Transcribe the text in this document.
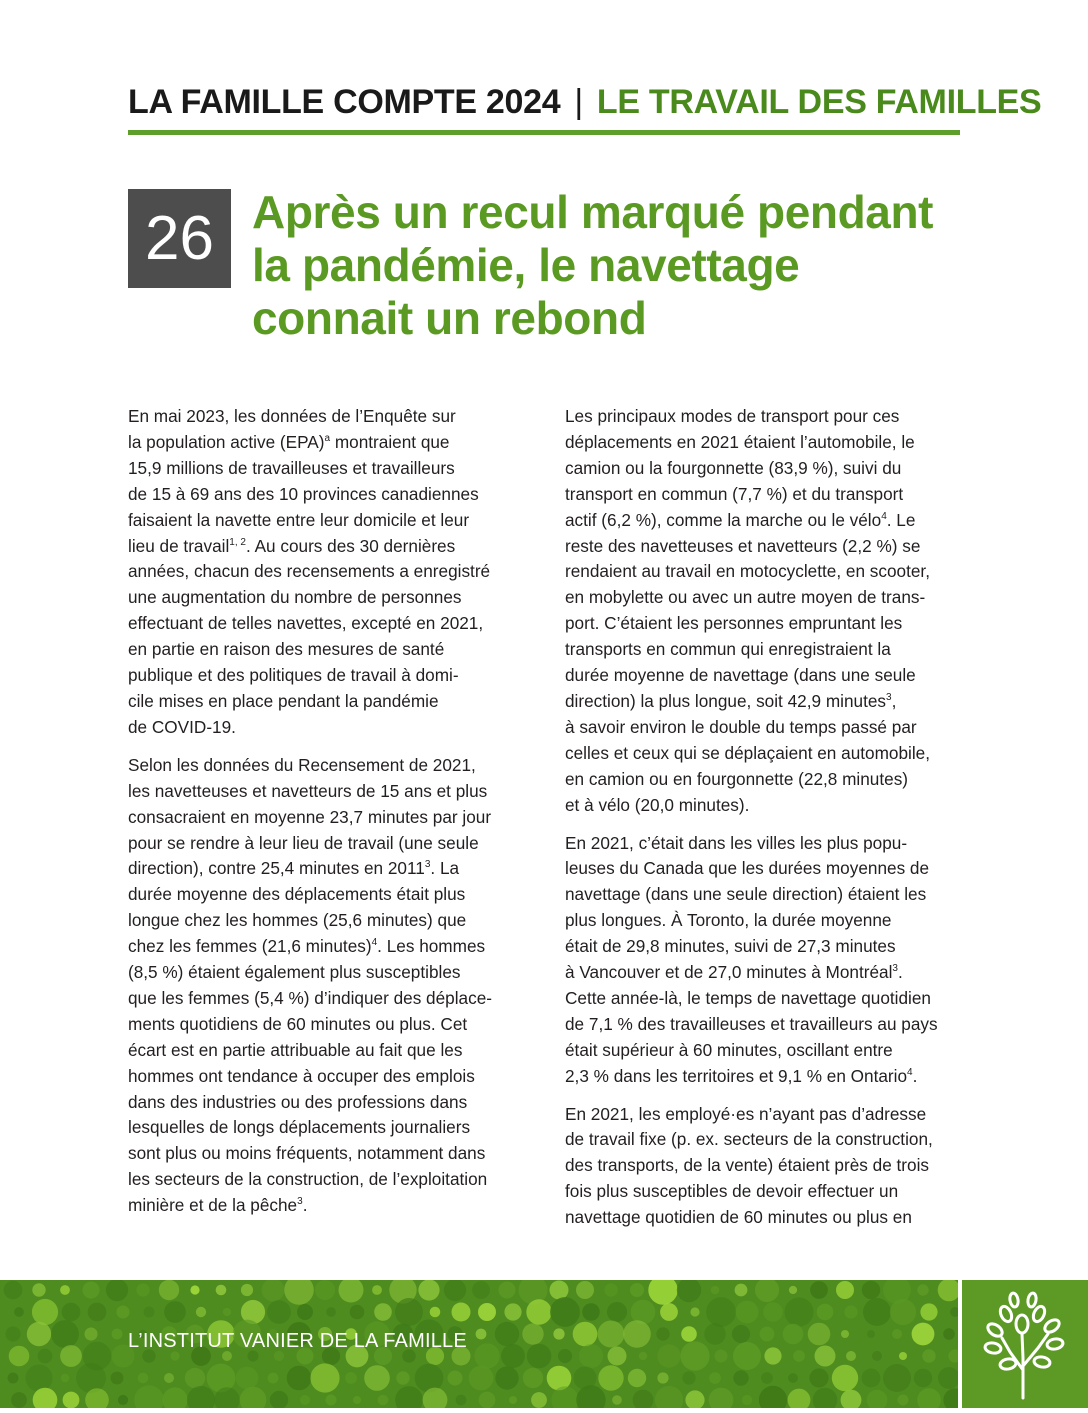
LA FAMILLE COMPTE 2024 | LE TRAVAIL DES FAMILLES
26 Après un recul marqué pendant la pandémie, le navettage connait un rebond

En mai 2023, les données de l’Enquête sur
la population active (EPA)$^a$ montraient que
15,9 millions de travailleuses et travailleurs
de 15 à 69 ans des 10 provinces canadiennes
faisaient la navette entre leur domicile et leur
lieu de travail$^{1, 2}$. Au cours des 30 dernières
années, chacun des recensements a enregistré
une augmentation du nombre de personnes
effectuant de telles navettes, excepté en 2021,
en partie en raison des mesures de santé
publique et des politiques de travail à domi-
cile mises en place pendant la pandémie
de COVID-19.

Selon les données du Recensement de 2021,
les navetteuses et navetteurs de 15 ans et plus
consacraient en moyenne 23,7 minutes par jour
pour se rendre à leur lieu de travail (une seule
direction), contre 25,4 minutes en 2011$^3$. La
durée moyenne des déplacements était plus
longue chez les hommes (25,6 minutes) que
chez les femmes (21,6 minutes)$^4$. Les hommes
(8,5 %) étaient également plus susceptibles
que les femmes (5,4 %) d’indiquer des déplace-
ments quotidiens de 60 minutes ou plus. Cet
écart est en partie attribuable au fait que les
hommes ont tendance à occuper des emplois
dans des industries ou des professions dans
lesquelles de longs déplacements journaliers
sont plus ou moins fréquents, notamment dans
les secteurs de la construction, de l’exploitation
minière et de la pêche$^3$.

Les principaux modes de transport pour ces
déplacements en 2021 étaient l’automobile, le
camion ou la fourgonnette (83,9 %), suivi du
transport en commun (7,7 %) et du transport
actif (6,2 %), comme la marche ou le vélo$^4$. Le
reste des navetteuses et navetteurs (2,2 %) se
rendaient au travail en motocyclette, en scooter,
en mobylette ou avec un autre moyen de trans-
port. C’étaient les personnes empruntant les
transports en commun qui enregistraient la
durée moyenne de navettage (dans une seule
direction) la plus longue, soit 42,9 minutes$^3$,
à savoir environ le double du temps passé par
celles et ceux qui se déplaçaient en automobile,
en camion ou en fourgonnette (22,8 minutes)
et à vélo (20,0 minutes).

En 2021, c’était dans les villes les plus popu-
leuses du Canada que les durées moyennes de
navettage (dans une seule direction) étaient les
plus longues. À Toronto, la durée moyenne
était de 29,8 minutes, suivi de 27,3 minutes
à Vancouver et de 27,0 minutes à Montréal$^3$.
Cette année-là, le temps de navettage quotidien
de 7,1 % des travailleuses et travailleurs au pays
était supérieur à 60 minutes, oscillant entre
2,3 % dans les territoires et 9,1 % en Ontario$^4$.

En 2021, les employé·es n’ayant pas d’adresse
de travail fixe (p. ex. secteurs de la construction,
des transports, de la vente) étaient près de trois
fois plus susceptibles de devoir effectuer un
navettage quotidien de 60 minutes ou plus en

L’INSTITUT VANIER DE LA FAMILLE
